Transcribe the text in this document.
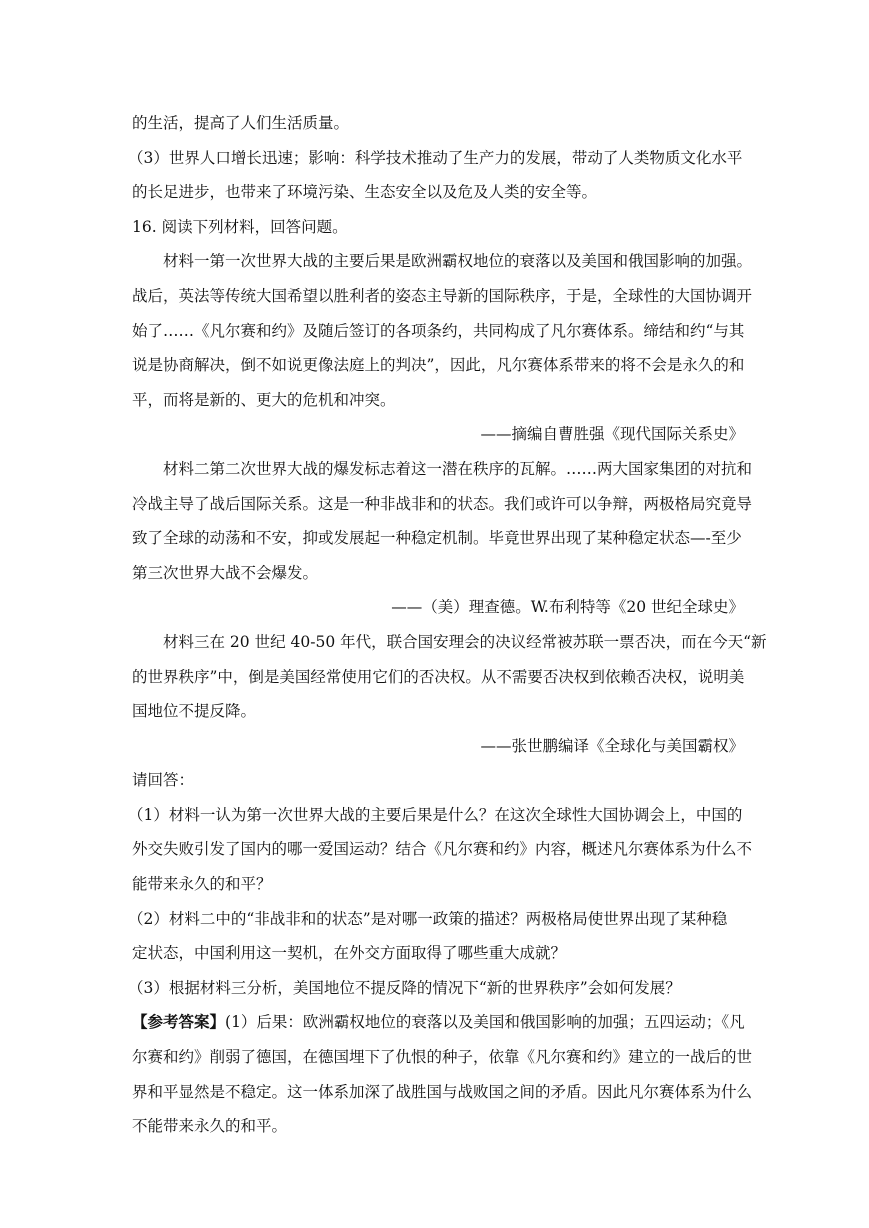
的生活，提高了人们生活质量。
（3）世界人口增长迅速；影响：科学技术推动了生产力的发展，带动了人类物质文化水平
的长足进步，也带来了环境污染、生态安全以及危及人类的安全等。
16. 阅读下列材料，回答问题。
材料一第一次世界大战的主要后果是欧洲霸权地位的衰落以及美国和俄国影响的加强。
战后，英法等传统大国希望以胜利者的姿态主导新的国际秩序，于是，全球性的大国协调开
始了……《凡尔赛和约》及随后签订的各项条约，共同构成了凡尔赛体系。缔结和约“与其
说是协商解决，倒不如说更像法庭上的判决”，因此，凡尔赛体系带来的将不会是永久的和
平，而将是新的、更大的危机和冲突。
——摘编自曹胜强《现代国际关系史》
材料二第二次世界大战的爆发标志着这一潜在秩序的瓦解。……两大国家集团的对抗和
冷战主导了战后国际关系。这是一种非战非和的状态。我们或许可以争辩，两极格局究竟导
致了全球的动荡和不安，抑或发展起一种稳定机制。毕竟世界出现了某种稳定状态—-至少
第三次世界大战不会爆发。
——（美）理查德。W.布利特等《20 世纪全球史》
材料三在 20 世纪 40-50 年代，联合国安理会的决议经常被苏联一票否决，而在今天“新
的世界秩序”中，倒是美国经常使用它们的否决权。从不需要否决权到依赖否决权，说明美
国地位不提反降。
——张世鹏编译《全球化与美国霸权》
请回答：
（1）材料一认为第一次世界大战的主要后果是什么？在这次全球性大国协调会上，中国的
外交失败引发了国内的哪一爱国运动？结合《凡尔赛和约》内容，概述凡尔赛体系为什么不
能带来永久的和平？
（2）材料二中的“非战非和的状态”是对哪一政策的描述？两极格局使世界出现了某种稳
定状态，中国利用这一契机，在外交方面取得了哪些重大成就？
（3）根据材料三分析，美国地位不提反降的情况下“新的世界秩序”会如何发展？
【参考答案】(1）后果：欧洲霸权地位的衰落以及美国和俄国影响的加强；五四运动；《凡
尔赛和约》削弱了德国，在德国埋下了仇恨的种子，依靠《凡尔赛和约》建立的一战后的世
界和平显然是不稳定。这一体系加深了战胜国与战败国之间的矛盾。因此凡尔赛体系为什么
不能带来永久的和平。
